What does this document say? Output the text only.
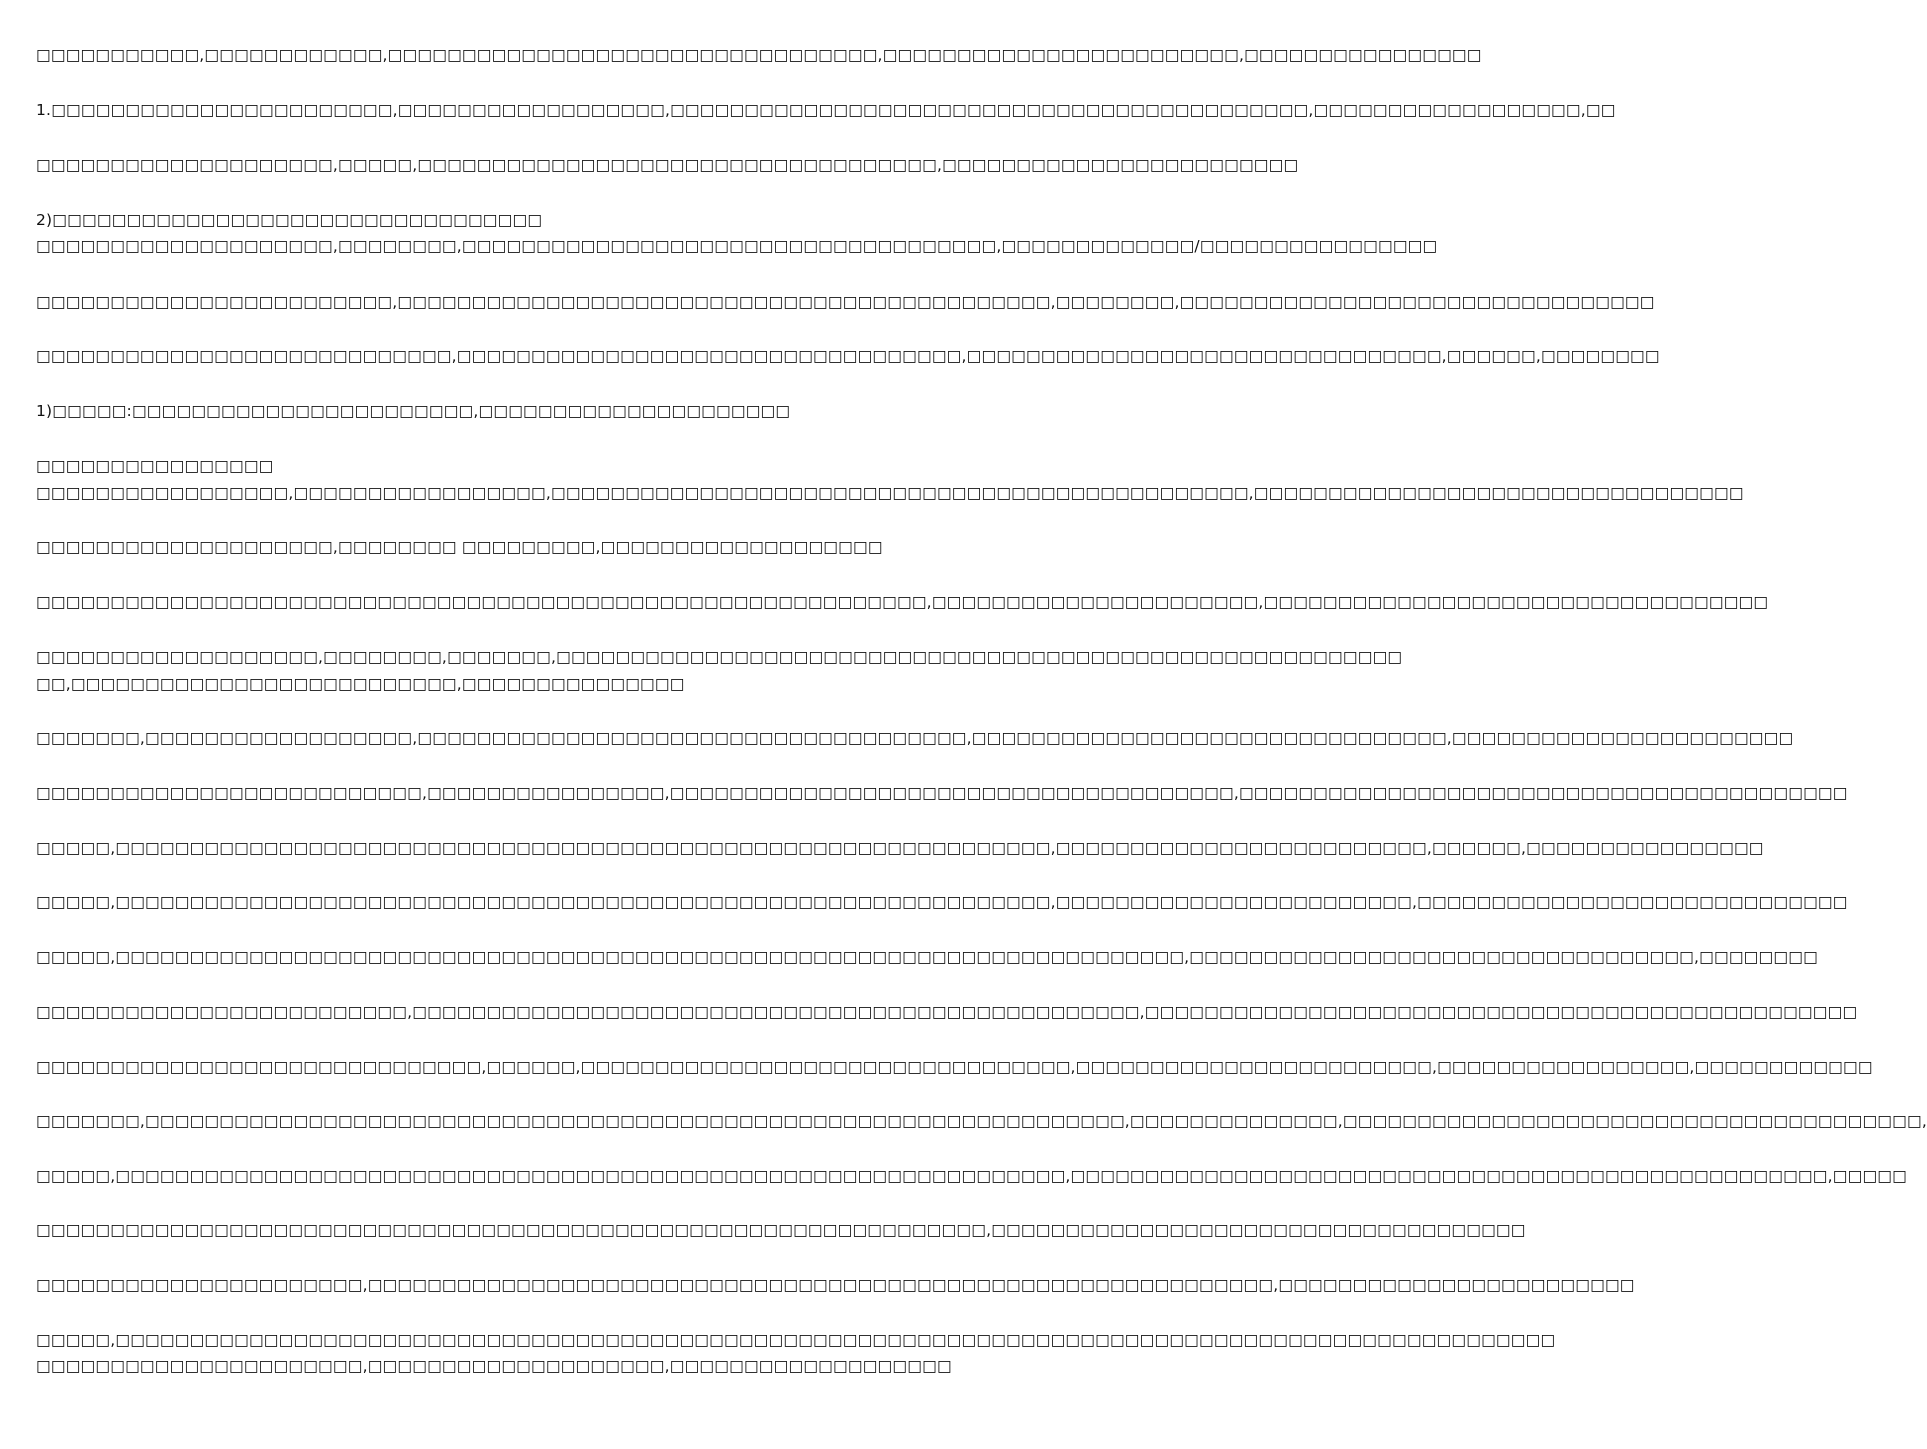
□□□□□□□□□□□,□□□□□□□□□□□□,□□□□□□□□□□□□□□□□□□□□□□□□□□□□□□□□□,□□□□□□□□□□□□□□□□□□□□□□□□,□□□□□□□□□□□□□□□□
1.□□□□□□□□□□□□□□□□□□□□□□□,□□□□□□□□□□□□□□□□□□,□□□□□□□□□□□□□□□□□□□□□□□□□□□□□□□□□□□□□□□□□□□,□□□□□□□□□□□□□□□□□□,□□
□□□□□□□□□□□□□□□□□□□□,□□□□□,□□□□□□□□□□□□□□□□□□□□□□□□□□□□□□□□□□□,□□□□□□□□□□□□□□□□□□□□□□□□
2)□□□□□□□□□□□□□□□□□□□□□□□□□□□□□□□□□
□□□□□□□□□□□□□□□□□□□□,□□□□□□□□,□□□□□□□□□□□□□□□□□□□□□□□□□□□□□□□□□□□□,□□□□□□□□□□□□□/□□□□□□□□□□□□□□□□
□□□□□□□□□□□□□□□□□□□□□□□□,□□□□□□□□□□□□□□□□□□□□□□□□□□□□□□□□□□□□□□□□□□□□,□□□□□□□□,□□□□□□□□□□□□□□□□□□□□□□□□□□□□□□□□
□□□□□□□□□□□□□□□□□□□□□□□□□□□□,□□□□□□□□□□□□□□□□□□□□□□□□□□□□□□□□□□,□□□□□□□□□□□□□□□□□□□□□□□□□□□□□□□□,□□□□□□,□□□□□□□□
1)□□□□□:□□□□□□□□□□□□□□□□□□□□□□□,□□□□□□□□□□□□□□□□□□□□□
□□□□□□□□□□□□□□□□
□□□□□□□□□□□□□□□□□,□□□□□□□□□□□□□□□□□,□□□□□□□□□□□□□□□□□□□□□□□□□□□□□□□□□□□□□□□□□□□□□□□,□□□□□□□□□□□□□□□□□□□□□□□□□□□□□□□□□
□□□□□□□□□□□□□□□□□□□□,□□□□□□□□ □□□□□□□□□,□□□□□□□□□□□□□□□□□□□
□□□□□□□□□□□□□□□□□□□□□□□□□□□□□□□□□□□□□□□□□□□□□□□□□□□□□□□□□□□□,□□□□□□□□□□□□□□□□□□□□□□,□□□□□□□□□□□□□□□□□□□□□□□□□□□□□□□□□□
□□□□□□□□□□□□□□□□□□□,□□□□□□□□,□□□□□□□,□□□□□□□□□□□□□□□□□□□□□□□□□□□□□□□□□□□□□□□□□□□□□□□□□□□□□□□□□
□□,□□□□□□□□□□□□□□□□□□□□□□□□□□,□□□□□□□□□□□□□□□
□□□□□□□,□□□□□□□□□□□□□□□□□□,□□□□□□□□□□□□□□□□□□□□□□□□□□□□□□□□□□□□□,□□□□□□□□□□□□□□□□□□□□□□□□□□□□□□□□,□□□□□□□□□□□□□□□□□□□□□□□
□□□□□□□□□□□□□□□□□□□□□□□□□□,□□□□□□□□□□□□□□□□,□□□□□□□□□□□□□□□□□□□□□□□□□□□□□□□□□□□□□□,□□□□□□□□□□□□□□□□□□□□□□□□□□□□□□□□□□□□□□□□□
□□□□□,□□□□□□□□□□□□□□□□□□□□□□□□□□□□□□□□□□□□□□□□□□□□□□□□□□□□□□□□□□□□□□□,□□□□□□□□□□□□□□□□□□□□□□□□□,□□□□□□,□□□□□□□□□□□□□□□□
□□□□□,□□□□□□□□□□□□□□□□□□□□□□□□□□□□□□□□□□□□□□□□□□□□□□□□□□□□□□□□□□□□□□□,□□□□□□□□□□□□□□□□□□□□□□□□,□□□□□□□□□□□□□□□□□□□□□□□□□□□□□
□□□□□,□□□□□□□□□□□□□□□□□□□□□□□□□□□□□□□□□□□□□□□□□□□□□□□□□□□□□□□□□□□□□□□□□□□□□□□□,□□□□□□□□□□□□□□□□□□□□□□□□□□□□□□□□□□,□□□□□□□□
□□□□□□□□□□□□□□□□□□□□□□□□□,□□□□□□□□□□□□□□□□□□□□□□□□□□□□□□□□□□□□□□□□□□□□□□□□□,□□□□□□□□□□□□□□□□□□□□□□□□□□□□□□□□□□□□□□□□□□□□□□□□
□□□□□□□□□□□□□□□□□□□□□□□□□□□□□□,□□□□□□,□□□□□□□□□□□□□□□□□□□□□□□□□□□□□□□□□,□□□□□□□□□□□□□□□□□□□□□□□□,□□□□□□□□□□□□□□□□□,□□□□□□□□□□□□
□□□□□□□,□□□□□□□□□□□□□□□□□□□□□□□□□□□□□□□□□□□□□□□□□□□□□□□□□□□□□□□□□□□□□□□□□□,□□□□□□□□□□□□□□,□□□□□□□□□□□□□□□□□□□□□□□□□□□□□□□□□□□□□□□,
□□□□□,□□□□□□□□□□□□□□□□□□□□□□□□□□□□□□□□□□□□□□□□□□□□□□□□□□□□□□□□□□□□□□□□,□□□□□□□□□□□□□□□□□□□□□□□□□□□□□□□□□□□□□□□□□□□□□□□□□□□,□□□□□
□□□□□□□□□□□□□□□□□□□□□□□□□□□□□□□□□□□□□□□□□□□□□□□□□□□□□□□□□□□□□□□□,□□□□□□□□□□□□□□□□□□□□□□□□□□□□□□□□□□□□
□□□□□□□□□□□□□□□□□□□□□□,□□□□□□□□□□□□□□□□□□□□□□□□□□□□□□□□□□□□□□□□□□□□□□□□□□□□□□□□□□□□□,□□□□□□□□□□□□□□□□□□□□□□□□
□□□□□,□□□□□□□□□□□□□□□□□□□□□□□□□□□□□□□□□□□□□□□□□□□□□□□□□□□□□□□□□□□□□□□□□□□□□□□□□□□□□□□□□□□□□□□□□□□□□□□□□
□□□□□□□□□□□□□□□□□□□□□□,□□□□□□□□□□□□□□□□□□□□,□□□□□□□□□□□□□□□□□□□
